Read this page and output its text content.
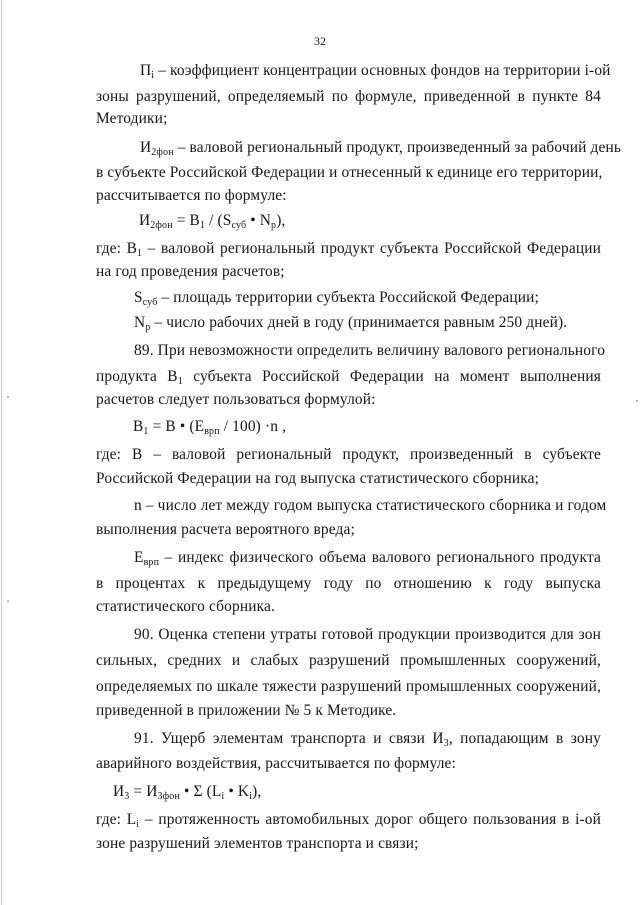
32
$П_i$ – коэффициент концентрации основных фондов на территории i-ой
зоны разрушений, определяемый по формуле, приведенной в пункте 84
Методики;
$И_{2фон}$ – валовой региональный продукт, произведенный за рабочий день
в субъекте Российской Федерации и отнесенный к единице его территории,
рассчитывается по формуле:
$И_{2фон} = В_1 / (S_{суб}$ • $N_р$),
где: $В_1$ – валовой региональный продукт субъекта Российской Федерации
на год проведения расчетов;
$S_{суб}$ – площадь территории субъекта Российской Федерации;
$N_р$ – число рабочих дней в году (принимается равным 250 дней).
89. При невозможности определить величину валового регионального
продукта $В_1$ субъекта Российской Федерации на момент выполнения
расчетов следует пользоваться формулой:
$В_1 = В$ • $(Е_{врп} / 100) \cdot n$ ,
где: В – валовой региональный продукт, произведенный в субъекте
Российской Федерации на год выпуска статистического сборника;
n – число лет между годом выпуска статистического сборника и годом
выполнения расчета вероятного вреда;
$Е_{врп}$ – индекс физического объема валового регионального продукта
в процентах к предыдущему году по отношению к году выпуска
статистического сборника.
90. Оценка степени утраты готовой продукции производится для зон
сильных, средних и слабых разрушений промышленных сооружений,
определяемых по шкале тяжести разрушений промышленных сооружений,
приведенной в приложении № 5 к Методике.
91. Ущерб элементам транспорта и связи $И_3$, попадающим в зону
аварийного воздействия, рассчитывается по формуле:
$И_3 = И_{3фон}$ • Σ ($L_i$ • $K_i$),
где: $L_i$ – протяженность автомобильных дорог общего пользования в i-ой
зоне разрушений элементов транспорта и связи;
